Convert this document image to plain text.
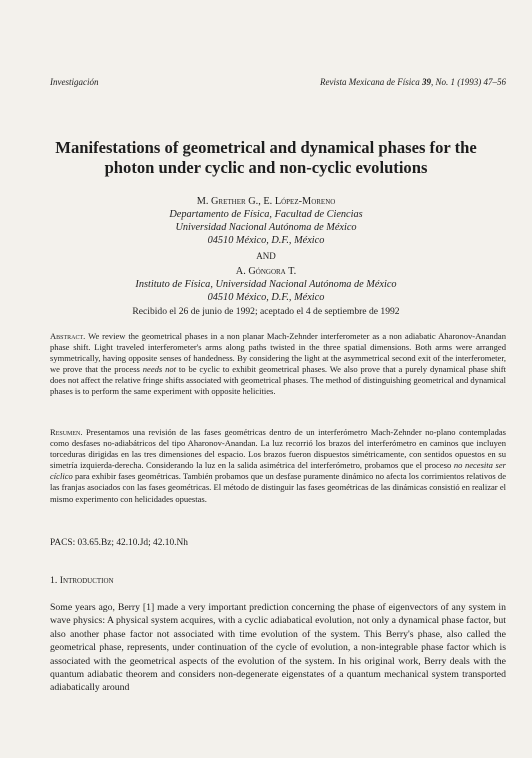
Investigación	Revista Mexicana de Física 39, No. 1 (1993) 47–56
Manifestations of geometrical and dynamical phases for the photon under cyclic and non-cyclic evolutions
M. Grether G., E. López-Moreno
Departamento de Física, Facultad de Ciencias
Universidad Nacional Autónoma de México
04510 México, D.F., México
AND
A. Góngora T.
Instituto de Física, Universidad Nacional Autónoma de México
04510 México, D.F., México
Recibido el 26 de junio de 1992; aceptado el 4 de septiembre de 1992
Abstract. We review the geometrical phases in a non planar Mach-Zehnder interferometer as a non adiabatic Aharonov-Anandan phase shift. Light traveled interferometer's arms along paths twisted in the three spatial dimensions. Both arms were arranged symmetrically, having opposite senses of handedness. By considering the light at the asymmetrical second exit of the interferometer, we prove that the process needs not to be cyclic to exhibit geometrical phases. We also prove that a purely dynamical phase shift does not affect the relative fringe shifts associated with geometrical phases. The method of distinguishing geometrical and dynamical phases is to perform the same experiment with opposite helicities.
Resumen. Presentamos una revisión de las fases geométricas dentro de un interferómetro Mach-Zehnder no-plano contempladas como desfases no-adiabátricos del tipo Aharonov-Anandan. La luz recorrió los brazos del interferómetro en caminos que incluyen torceduras dirigidas en las tres dimensiones del espacio. Los brazos fueron dispuestos simétricamente, con sentidos opuestos en su simetría izquierda-derecha. Considerando la luz en la salida asimétrica del interferómetro, probamos que el proceso no necesita ser cíclico para exhibir fases geométricas. También probamos que un desfase puramente dinámico no afecta los corrimientos relativos de las franjas asociados con las fases geométricas. El método de distinguir las fases geométricas de las dinámicas consistió en realizar el mismo experimento con helicidades opuestas.
PACS: 03.65.Bz; 42.10.Jd; 42.10.Nh
1. Introduction
Some years ago, Berry [1] made a very important prediction concerning the phase of eigenvectors of any system in wave physics: A physical system acquires, with a cyclic adiabatical evolution, not only a dynamical phase factor, but also another phase factor not associated with time evolution of the system. This Berry's phase, also called the geometrical phase, represents, under continuation of the cycle of evolution, a non-integrable phase factor which is associated with the geometrical aspects of the evolution of the system. In his original work, Berry deals with the quantum adiabatic theorem and considers non-degenerate eigenstates of a quantum mechanical system transported adiabatically around
